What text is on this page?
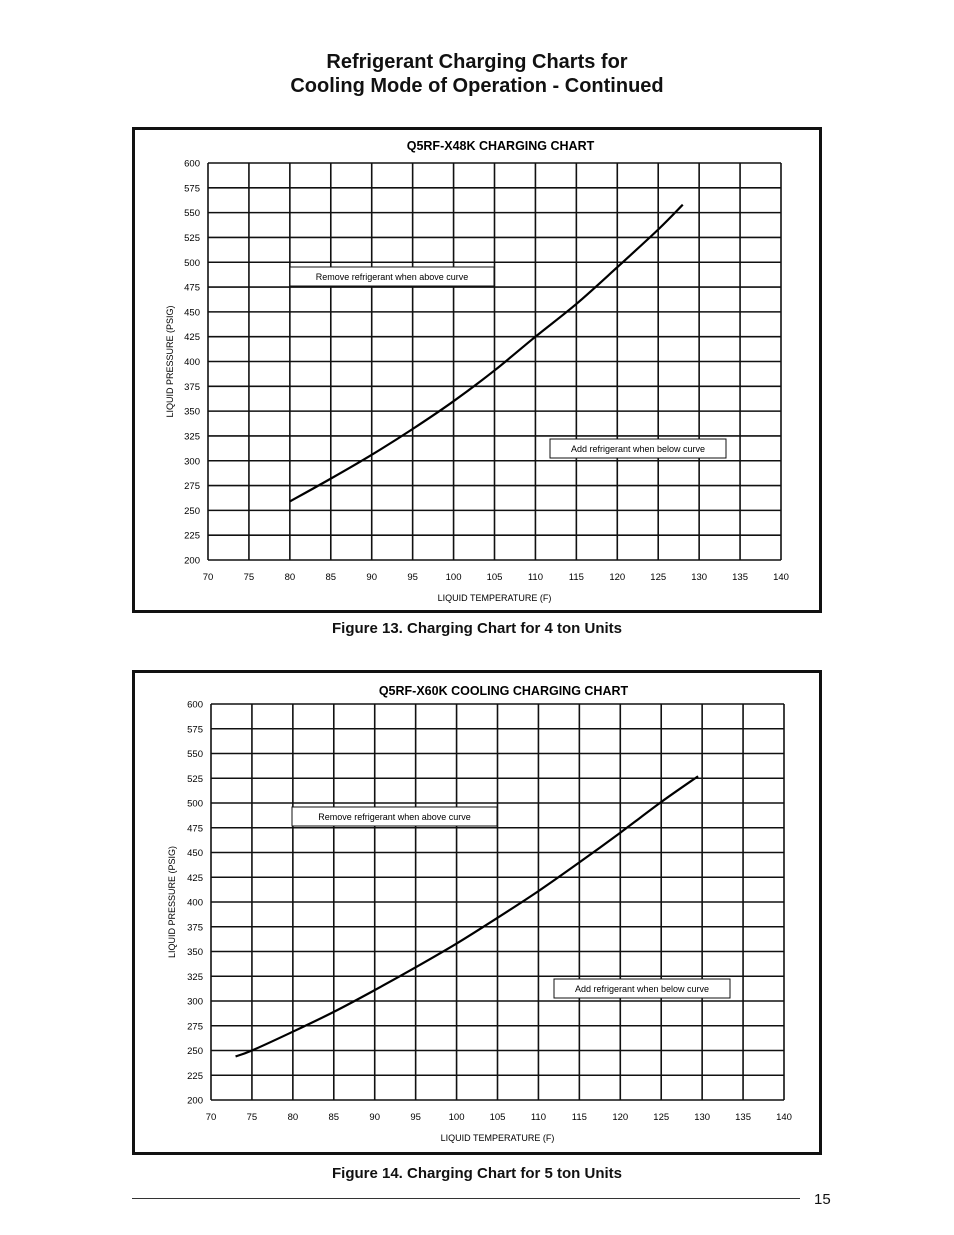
Refrigerant Charging Charts for
Cooling Mode of Operation - Continued
Q5RF-X48K CHARGING CHART
600
575
550
525
500
475
450
425
400
375
350
325
300
275
250
225
200
70	75	80	85	90	95	100	105	110	115	120	125	130	135	140
LIQUID TEMPERATURE (F)
LIQUID PRESSURE (PSIG)
Remove refrigerant when above curve
Add refrigerant when below curve
Figure 13. Charging Chart for 4 ton Units
Q5RF-X60K COOLING CHARGING CHART
600
575
550
525
500
475
450
425
400
375
350
325
300
275
250
225
200
70	75	80	85	90	95	100	105	110	115	120	125	130	135	140
LIQUID TEMPERATURE (F)
LIQUID PRESSURE (PSIG)
Remove refrigerant when above curve
Add refrigerant when below curve
Figure 14. Charging Chart for 5 ton Units
15
